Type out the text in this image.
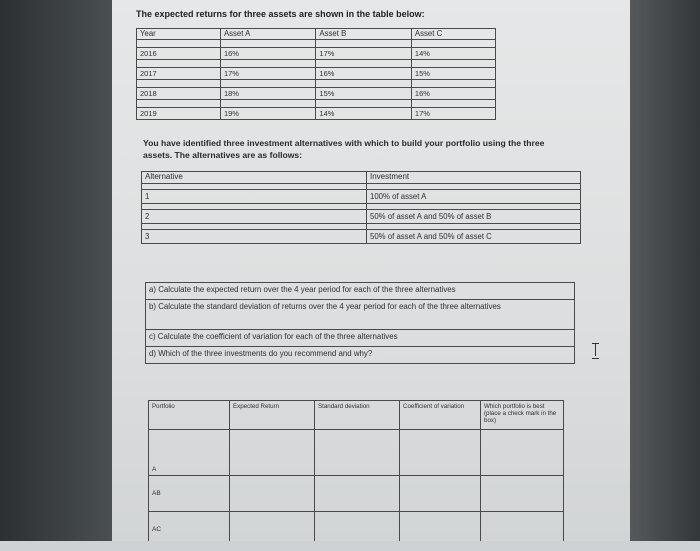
The expected returns for three assets are shown in the table below:
Year	Asset A	Asset B	Asset C

2016	16%	17%	14%

2017	17%	16%	15%

2018	18%	15%	16%

2019	19%	14%	17%
You have identified three investment alternatives with which to build your portfolio using the three assets. The alternatives are as follows:
Alternative	Investment

1	100% of asset A

2	50% of asset A and 50% of asset B

3	50% of asset A and 50% of asset C
a) Calculate the expected return over the 4 year period for each of the three alternatives
b) Calculate the standard deviation of returns over the 4 year period for each of the three alternatives
c) Calculate the coefficient of variation for each of the three alternatives
d) Which of the three investments do you recommend and why?
Portfolio	Expected Return	Standard deviation	Coefficient of variation	Which portfolio is best (place a check mark in the box)
A				
AB				
AC				
